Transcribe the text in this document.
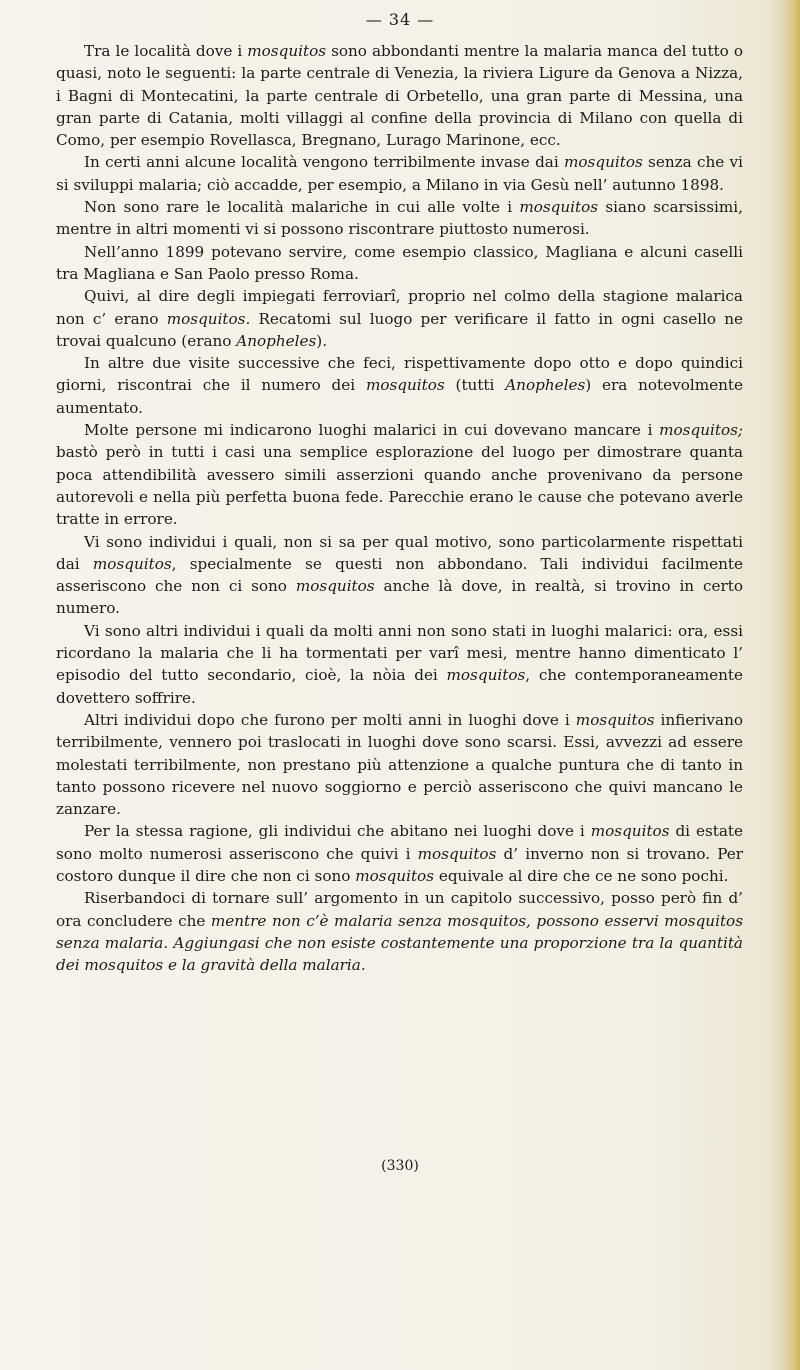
— 34 —

Tra le località dove i mosquitos sono abbondanti mentre la malaria manca del tutto o quasi, noto le seguenti: la parte centrale di Venezia, la riviera Ligure da Genova a Nizza, i Bagni di Montecatini, la parte centrale di Orbetello, una gran parte di Messina, una gran parte di Catania, molti villaggi al confine della provincia di Milano con quella di Como, per esempio Rovellasca, Bregnano, Lurago Marinone, ecc.

In certi anni alcune località vengono terribilmente invase dai mosquitos senza che vi si sviluppi malaria; ciò accadde, per esempio, a Milano in via Gesù nell’ autunno 1898.

Non sono rare le località malariche in cui alle volte i mosquitos siano scarsissimi, mentre in altri momenti vi si possono riscontrare piuttosto numerosi.

Nell’anno 1899 potevano servire, come esempio classico, Magliana e alcuni caselli tra Magliana e San Paolo presso Roma.

Quivi, al dire degli impiegati ferroviarî, proprio nel colmo della stagione malarica non c’ erano mosquitos. Recatomi sul luogo per verificare il fatto in ogni casello ne trovai qualcuno (erano Anopheles).

In altre due visite successive che feci, rispettivamente dopo otto e dopo quindici giorni, riscontrai che il numero dei mosquitos (tutti Anopheles) era notevolmente aumentato.

Molte persone mi indicarono luoghi malarici in cui dovevano mancare i mosquitos; bastò però in tutti i casi una semplice esplorazione del luogo per dimostrare quanta poca attendibilità avessero simili asserzioni quando anche provenivano da persone autorevoli e nella più perfetta buona fede. Parecchie erano le cause che potevano averle tratte in errore.

Vi sono individui i quali, non si sa per qual motivo, sono particolarmente rispettati dai mosquitos, specialmente se questi non abbondano. Tali individui facilmente asseriscono che non ci sono mosquitos anche là dove, in realtà, si trovino in certo numero.

Vi sono altri individui i quali da molti anni non sono stati in luoghi malarici: ora, essi ricordano la malaria che li ha tormentati per varî mesi, mentre hanno dimenticato l’ episodio del tutto secondario, cioè, la nòia dei mosquitos, che contemporaneamente dovettero soffrire.

Altri individui dopo che furono per molti anni in luoghi dove i mosquitos infierivano terribilmente, vennero poi traslocati in luoghi dove sono scarsi. Essi, avvezzi ad essere molestati terribilmente, non prestano più attenzione a qualche puntura che di tanto in tanto possono ricevere nel nuovo soggiorno e perciò asseriscono che quivi mancano le zanzare.

Per la stessa ragione, gli individui che abitano nei luoghi dove i mosquitos di estate sono molto numerosi asseriscono che quivi i mosquitos d’ inverno non si trovano. Per costoro dunque il dire che non ci sono mosquitos equivale al dire che ce ne sono pochi.

Riserbandoci di tornare sull’ argomento in un capitolo successivo, posso però fin d’ ora concludere che mentre non c’è malaria senza mosquitos, possono esservi mosquitos senza malaria. Aggiungasi che non esiste costantemente una proporzione tra la quantità dei mosquitos e la gravità della malaria.

(330)
